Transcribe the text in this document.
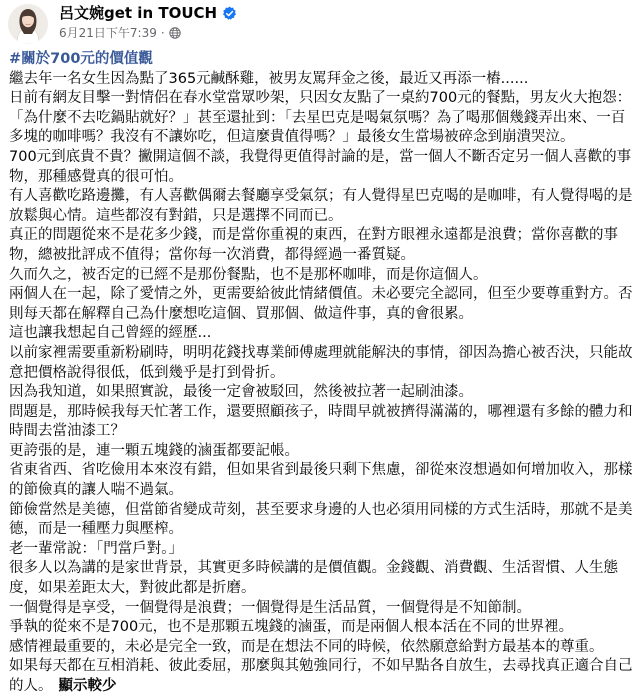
呂文婉get in TOUCH
6月21日下午7:39 ·
#關於700元的價值觀

繼去年一名女生因為點了365元鹹酥雞，被男友罵拜金之後，最近又再添一樁......

日前有網友目擊一對情侶在春水堂當眾吵架，只因女友點了一桌約700元的餐點，男友火大抱怨：「為什麼不去吃鍋貼就好？」甚至還扯到：「去星巴克是喝氣氛嗎？為了喝那個幾錢弄出來、一百多塊的咖啡嗎？我沒有不讓妳吃，但這麼貴值得嗎？」最後女生當場被碎念到崩潰哭泣。

700元到底貴不貴？撇開這個不談，我覺得更值得討論的是，當一個人不斷否定另一個人喜歡的事物，那種感覺真的很可怕。

有人喜歡吃路邊攤，有人喜歡偶爾去餐廳享受氣氛；有人覺得星巴克喝的是咖啡，有人覺得喝的是放鬆與心情。這些都沒有對錯，只是選擇不同而已。

真正的問題從來不是花多少錢，而是當你重視的東西，在對方眼裡永遠都是浪費；當你喜歡的事物，總被批評成不值得；當你每一次消費，都得經過一番質疑。

久而久之，被否定的已經不是那份餐點，也不是那杯咖啡，而是你這個人。

兩個人在一起，除了愛情之外，更需要給彼此情緒價值。未必要完全認同，但至少要尊重對方。否則每天都在解釋自己為什麼想吃這個、買那個、做這件事，真的會很累。

這也讓我想起自己曾經的經歷...

以前家裡需要重新粉刷時，明明花錢找專業師傅處理就能解決的事情，卻因為擔心被否決，只能故意把價格說得很低，低到幾乎是打到骨折。

因為我知道，如果照實說，最後一定會被駁回，然後被拉著一起刷油漆。

問題是，那時候我每天忙著工作，還要照顧孩子，時間早就被擠得滿滿的，哪裡還有多餘的體力和時間去當油漆工？

更誇張的是，連一顆五塊錢的滷蛋都要記帳。

省東省西、省吃儉用本來沒有錯，但如果省到最後只剩下焦慮，卻從來沒想過如何增加收入，那樣的節儉真的讓人喘不過氣。

節儉當然是美德，但當節省變成苛刻，甚至要求身邊的人也必須用同樣的方式生活時，那就不是美德，而是一種壓力與壓榨。

老一輩常說：「門當戶對。」

很多人以為講的是家世背景，其實更多時候講的是價值觀。金錢觀、消費觀、生活習慣、人生態度，如果差距太大，對彼此都是折磨。

一個覺得是享受，一個覺得是浪費；一個覺得是生活品質，一個覺得是不知節制。

爭執的從來不是700元，也不是那顆五塊錢的滷蛋，而是兩個人根本活在不同的世界裡。

感情裡最重要的，未必是完全一致，而是在想法不同的時候，依然願意給對方最基本的尊重。

如果每天都在互相消耗、彼此委屈，那麼與其勉強同行，不如早點各自放生，去尋找真正適合自己的人。 顯示較少
